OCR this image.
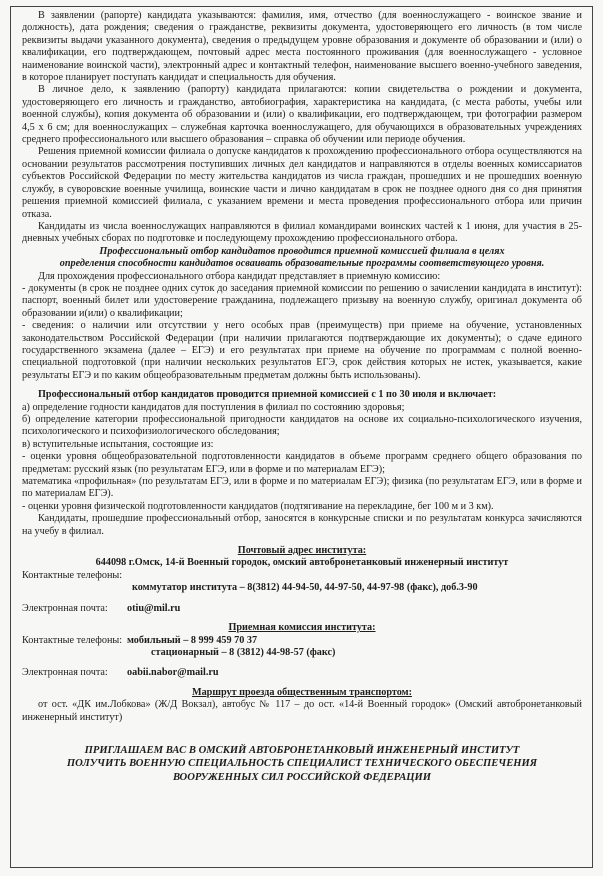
В заявлении (рапорте) кандидата указываются: фамилия, имя, отчество (для военнослужащего - воинское звание и должность), дата рождения; сведения о гражданстве, реквизиты документа, удостоверяющего его личность (в том числе реквизиты выдачи указанного документа), сведения о предыдущем уровне образования и документе об образовании и (или) о квалификации, его подтверждающем, почтовый адрес места постоянного проживания (для военнослужащего - условное наименование воинской части), электронный адрес и контактный телефон, наименование высшего военно-учебного заведения, в которое планирует поступать кандидат и специальность для обучения.

В личное дело, к заявлению (рапорту) кандидата прилагаются: копии свидетельства о рождении и документа, удостоверяющего его личность и гражданство, автобиография, характеристика на кандидата, (с места работы, учебы или военной службы), копия документа об образовании и (или) о квалификации, его подтверждающем, три фотографии размером 4,5 х 6 см; для военнослужащих – служебная карточка военнослужащего, для обучающихся в образовательных учреждениях среднего профессионального или высшего образования – справка об обучении или периоде обучения.

Решения приемной комиссии филиала о допуске кандидатов к прохождению профессионального отбора осуществляются на основании результатов рассмотрения поступивших личных дел кандидатов и направляются в отделы военных комиссариатов субъектов Российской Федерации по месту жительства кандидатов из числа граждан, прошедших и не прошедших военную службу, в суворовские военные училища, воинские части и лично кандидатам в срок не позднее одного дня со дня принятия решения приемной комиссией филиала, с указанием времени и места проведения профессионального отбора или причин отказа.

Кандидаты из числа военнослужащих направляются в филиал командирами воинских частей к 1 июня, для участия в 25-дневных учебных сборах по подготовке и последующему прохождению профессионального отбора.

Профессиональный отбор кандидатов проводится приемной комиссией филиала в целях

определения способности кандидатов осваивать образовательные программы соответствующего уровня.

Для прохождения профессионального отбора кандидат представляет в приемную комиссию:

- документы (в срок не позднее одних суток до заседания приемной комиссии по решению о зачислении кандидата в институт): паспорт, военный билет или удостоверение гражданина, подлежащего призыву на военную службу, оригинал документа об образовании и(или) о квалификации;

- сведения: о наличии или отсутствии у него особых прав (преимуществ) при приеме на обучение, установленных законодательством Российской Федерации (при наличии прилагаются подтверждающие их документы); о сдаче единого государственного экзамена (далее – ЕГЭ) и его результатах при приеме на обучение по программам с полной военно-специальной подготовкой (при наличии нескольких результатов ЕГЭ, срок действия которых не истек, указывается, какие результаты ЕГЭ и по каким общеобразовательным предметам должны быть использованы).

Профессиональный отбор кандидатов проводится приемной комиссией с 1 по 30 июля и включает:

а) определение годности кандидатов для поступления в филиал по состоянию здоровья;

б) определение категории профессиональной пригодности кандидатов на основе их социально-психологического изучения, психологического и психофизиологического обследования;

в) вступительные испытания, состоящие из:

- оценки уровня общеобразовательной подготовленности кандидатов в объеме программ среднего общего образования по предметам: русский язык (по результатам ЕГЭ, или в форме и по материалам ЕГЭ);

математика «профильная» (по результатам ЕГЭ, или в форме и по материалам ЕГЭ); физика (по результатам ЕГЭ, или в форме и по материалам ЕГЭ).

- оценки уровня физической подготовленности кандидатов (подтягивание на перекладине, бег 100 м и 3 км).

Кандидаты, прошедшие профессиональный отбор, заносятся в конкурсные списки и по результатам конкурса зачисляются на учебу в филиал.

Почтовый адрес института:

644098 г.Омск, 14-й Военный городок, омский автобронетанковый инженерный институт

Контактные телефоны:
коммутатор института – 8(3812) 44-94-50, 44-97-50, 44-97-98 (факс), доб.3-90
Электронная почта:	otiu@mil.ru

Приемная комиссия института:

Контактные телефоны: мобильный – 8 999 459 70 37
стационарный – 8 (3812) 44-98-57 (факс)
Электронная почта:	oabii.nabor@mail.ru

Маршрут проезда общественным транспортом:

от ост. «ДК им.Лобкова» (Ж/Д Вокзал), автобус № 117 – до ост. «14-й Военный городок» (Омский автобронетанковый инженерный институт)

ПРИГЛАШАЕМ ВАС В ОМСКИЙ АВТОБРОНЕТАНКОВЫЙ ИНЖЕНЕРНЫЙ ИНСТИТУТ
ПОЛУЧИТЬ ВОЕННУЮ СПЕЦИАЛЬНОСТЬ СПЕЦИАЛИСТ ТЕХНИЧЕСКОГО ОБЕСПЕЧЕНИЯ
ВООРУЖЕННЫХ СИЛ РОССИЙСКОЙ ФЕДЕРАЦИИ
